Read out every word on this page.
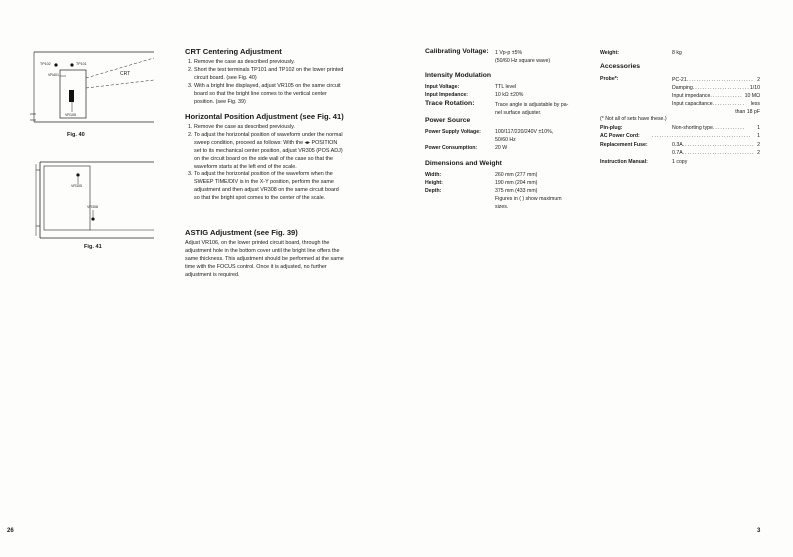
TP102	TP101
VR401	CRT
VR105
Fig. 40
VR305
VR308
Fig. 41
CRT Centering Adjustment
1. Remove the case as described previously.
2. Short the test terminals TP101 and TP102 on the lower printed circuit board. (see Fig. 40)
3. With a bright line displayed, adjust VR105 on the same circuit board so that the bright line comes to the vertical center position. (see Fig. 39)
Horizontal Position Adjustment (see Fig. 41)
1. Remove the case as described previously.
2. To adjust the horizontal position of waveform under the normal sweep condition, proceed as follows: With the ◂▸ POSITION set to its mechanical center position, adjust VR305 (POS ADJ) on the circuit board on the side wall of the case so that the waveform starts at the left end of the scale.
3. To adjust the horizontal position of the waveform when the SWEEP TIME/DIV is in the X-Y position, perform the same adjustment and then adjust VR308 on the same circuit board so that the bright spot comes to the center of the scale.
ASTIG Adjustment (see Fig. 39)
Adjust VR106, on the lower printed circuit board, through the adjustment hole in the bottom cover until the bright line offers the same thickness. This adjustment should be performed at the same time with the FOCUS control. Once it is adjusted, no further adjustment is required.
Calibrating Voltage: 1 Vp-p ±5%
(50/60 Hz square wave)
Intensity Modulation
Input Voltage:	TTL level
Input Impedance:	10 kΩ ±20%
Trace Rotation:	Trace angle is adjustable by pa-
nel surface adjuster.
Power Source
Power Supply Voltage:	100/117/220/240V ±10%,
50/60 Hz
Power Consumption:	20 W
Dimensions and Weight
Width:	260 mm (277 mm)
Height:	190 mm (204 mm)
Depth:	375 mm (433 mm)
Figures in ( ) show maximum
sizes.
Weight:	8 kg
Accessories
Probe*:	PC-21. . . . . . . . . . . . . . . . . . . . . . . . . . . 2
Damping. . . . . . . . . . . . . . . . . . . . . . . 1/10
Input impedance. . . . . . . . . . . . . 10 MΩ
Input capacitance. . . . . . . . . . . . . less
than 18 pF
(* Not all of sets have these.)
Pin-plug:	Non-shorting type. . . . . . . . . . . . .	1
AC Power Cord: . . . . . . . . . . . . . . . . . . . . . . . . . . . . . . . . . . . . . . . . 1
Replacement Fuse:	0.3A. . . . . . . . . . . . . . . . . . . . . . . . . . . . . 2
0.7A. . . . . . . . . . . . . . . . . . . . . . . . . . . . . 2
Instruction Manual:	1 copy
26	3
